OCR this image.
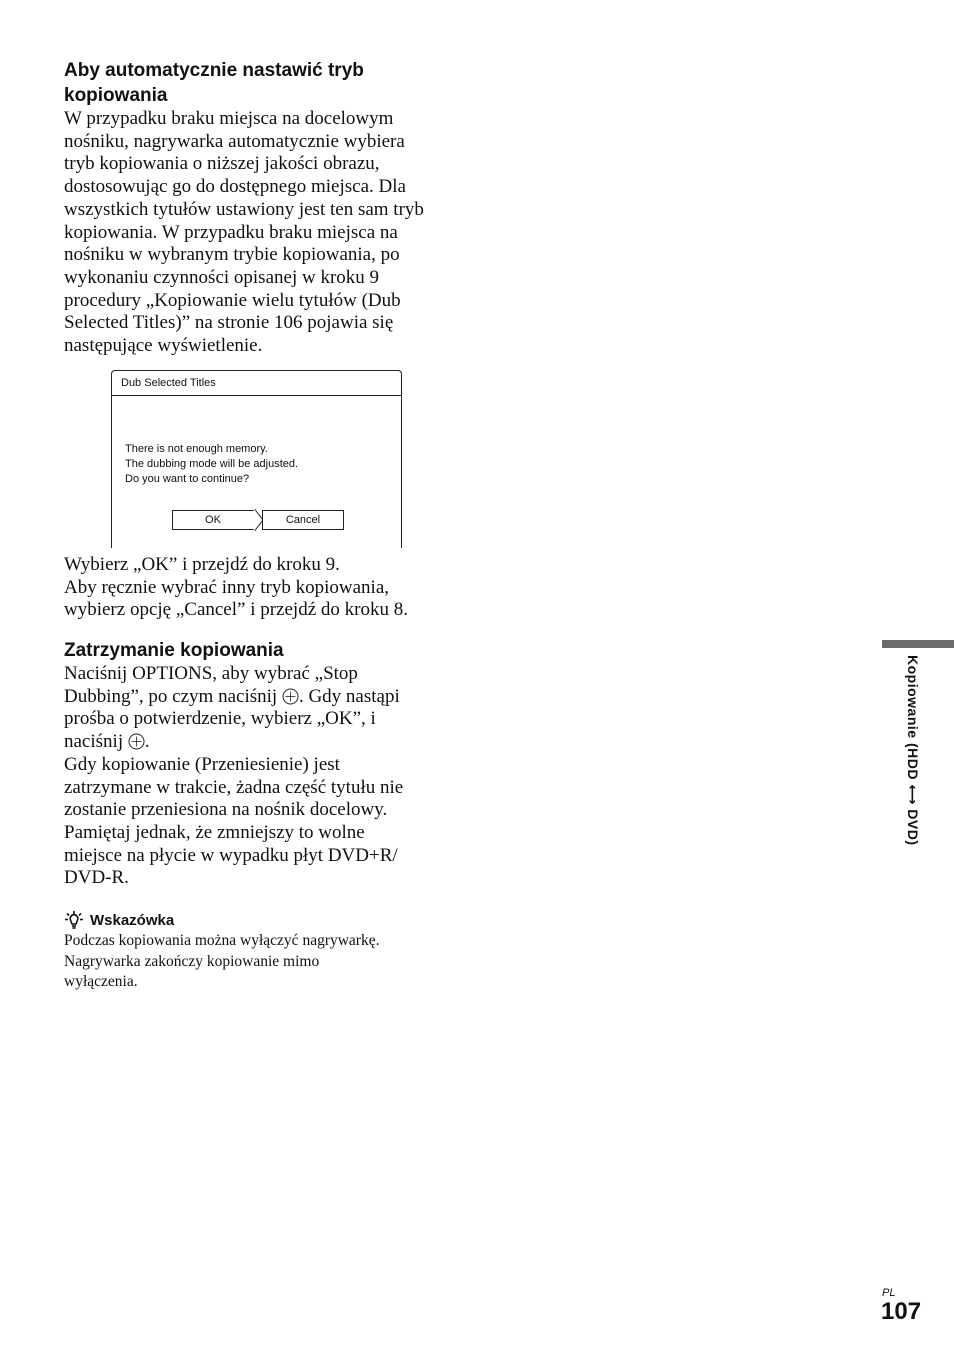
Aby automatycznie nastawić tryb
kopiowania

W przypadku braku miejsca na docelowym
nośniku, nagrywarka automatycznie wybiera
tryb kopiowania o niższej jakości obrazu,
dostosowując go do dostępnego miejsca. Dla
wszystkich tytułów ustawiony jest ten sam tryb
kopiowania. W przypadku braku miejsca na
nośniku w wybranym trybie kopiowania, po
wykonaniu czynności opisanej w kroku 9
procedury „Kopiowanie wielu tytułów (Dub
Selected Titles)” na stronie 106 pojawia się
następujące wyświetlenie.

Dub Selected Titles
There is not enough memory.
The dubbing mode will be adjusted.
Do you want to continue?
OK	Cancel

Wybierz „OK” i przejdź do kroku 9.
Aby ręcznie wybrać inny tryb kopiowania,
wybierz opcję „Cancel” i przejdź do kroku 8.

Zatrzymanie kopiowania

Naciśnij OPTIONS, aby wybrać „Stop
Dubbing”, po czym naciśnij
. Gdy nastąpi
prośba o potwierdzenie, wybierz „OK”, i
naciśnij
.
Gdy kopiowanie (Przeniesienie) jest
zatrzymane w trakcie, żadna część tytułu nie
zostanie przeniesiona na nośnik docelowy.
Pamiętaj jednak, że zmniejszy to wolne
miejsce na płycie w wypadku płyt DVD+R/
DVD-R.

Wskazówka
Podczas kopiowania można wyłączyć nagrywarkę.
Nagrywarka zakończy kopiowanie mimo
wyłączenia.
Kopiowanie (HDD ⟷ DVD)
PL
107
